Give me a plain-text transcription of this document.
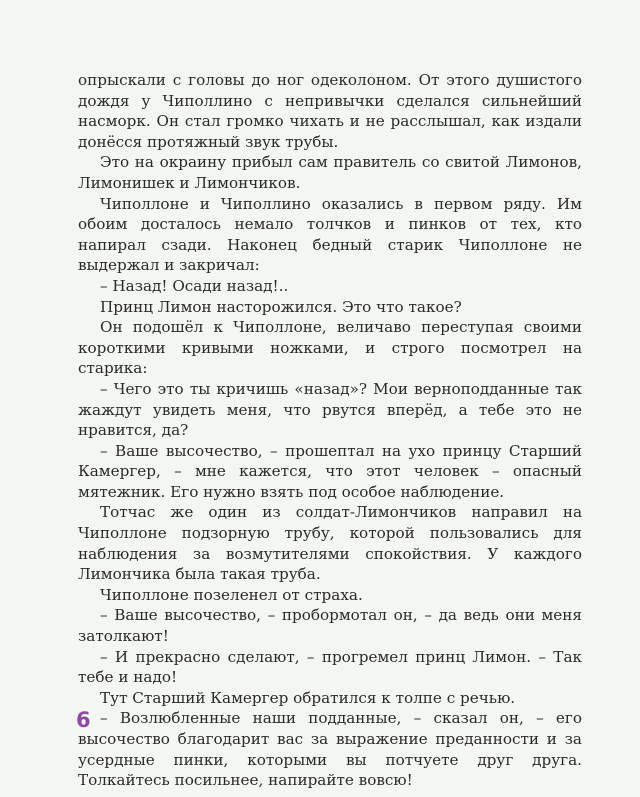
опрыскали с головы до ног одеколоном. От этого душистого дождя у Чиполлино с непривычки сделался сильнейший насморк. Он стал громко чихать и не расслышал, как издали донёсся протяжный звук трубы.

Это на окраину прибыл сам правитель со свитой Лимонов, Лимонишек и Лимончиков.

Чиполлоне и Чиполлино оказались в первом ряду. Им обоим досталось немало толчков и пинков от тех, кто напирал сзади. Наконец бедный старик Чиполлоне не выдержал и закричал:

– Назад! Осади назад!..

Принц Лимон насторожился. Это что такое?

Он подошёл к Чиполлоне, величаво переступая своими коротκими кривыми ножками, и строго посмотрел на старика:

– Чего это ты кричишь «назад»? Мои верноподданные так жаждут увидеть меня, что рвутся вперёд, а тебе это не нравится, да?

– Ваше высочество, – прошептал на ухо принцу Старший Камергер, – мне кажется, что этот человек – опасный мятежник. Его нужно взять под особое наблюдение.

Тотчас же один из солдат-Лимончиков направил на Чиполлоне подзорную трубу, которой пользовались для наблюдения за возмутителями спокойствия. У каждого Лимончика была такая труба.

Чиполлоне позеленел от страха.

– Ваше высочество, – пробормотал он, – да ведь они меня затолкают!

– И прекрасно сделают, – прогремел принц Лимон. – Так тебе и надо!

Тут Старший Камергер обратился к толпе с речью.

– Возлюбленные наши подданные, – сказал он, – его высочество благодарит вас за выражение преданности и за усердные пинки, которыми вы потчуете друг друга. Толкайтесь посильнее, напирайте вовсю!

6
